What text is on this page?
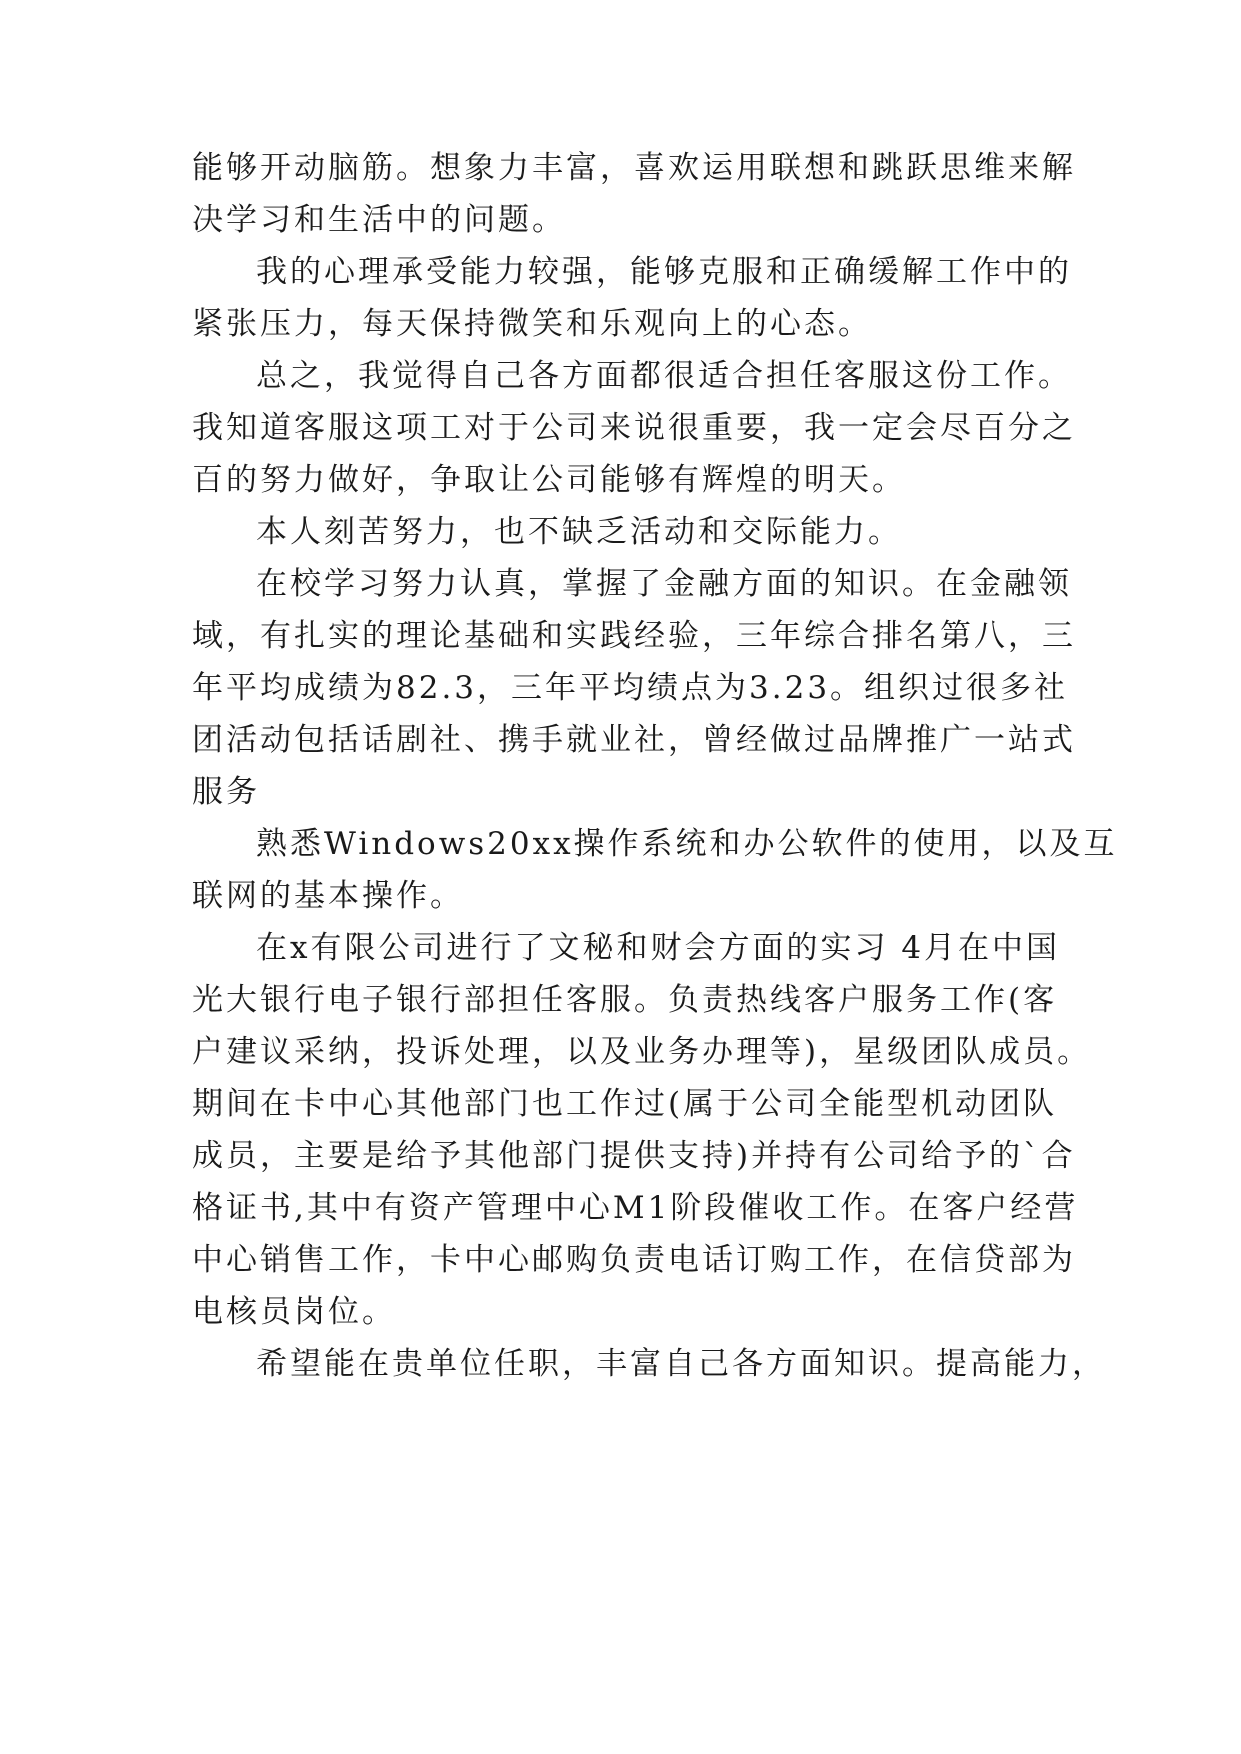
能够开动脑筋。想象力丰富，喜欢运用联想和跳跃思维来解
决学习和生活中的问题。
我的心理承受能力较强，能够克服和正确缓解工作中的
紧张压力，每天保持微笑和乐观向上的心态。
总之，我觉得自己各方面都很适合担任客服这份工作。
我知道客服这项工对于公司来说很重要，我一定会尽百分之
百的努力做好，争取让公司能够有辉煌的明天。
本人刻苦努力，也不缺乏活动和交际能力。
在校学习努力认真，掌握了金融方面的知识。在金融领
域，有扎实的理论基础和实践经验，三年综合排名第八，三
年平均成绩为82.3，三年平均绩点为3.23。组织过很多社
团活动包括话剧社、携手就业社，曾经做过品牌推广一站式
服务
熟悉Windows20xx操作系统和办公软件的使用，以及互
联网的基本操作。
在x有限公司进行了文秘和财会方面的实习 4月在中国
光大银行电子银行部担任客服。负责热线客户服务工作(客
户建议采纳，投诉处理，以及业务办理等)，星级团队成员。
期间在卡中心其他部门也工作过(属于公司全能型机动团队
成员，主要是给予其他部门提供支持)并持有公司给予的`合
格证书,其中有资产管理中心M1阶段催收工作。在客户经营
中心销售工作，卡中心邮购负责电话订购工作，在信贷部为
电核员岗位。
希望能在贵单位任职，丰富自己各方面知识。提高能力，
